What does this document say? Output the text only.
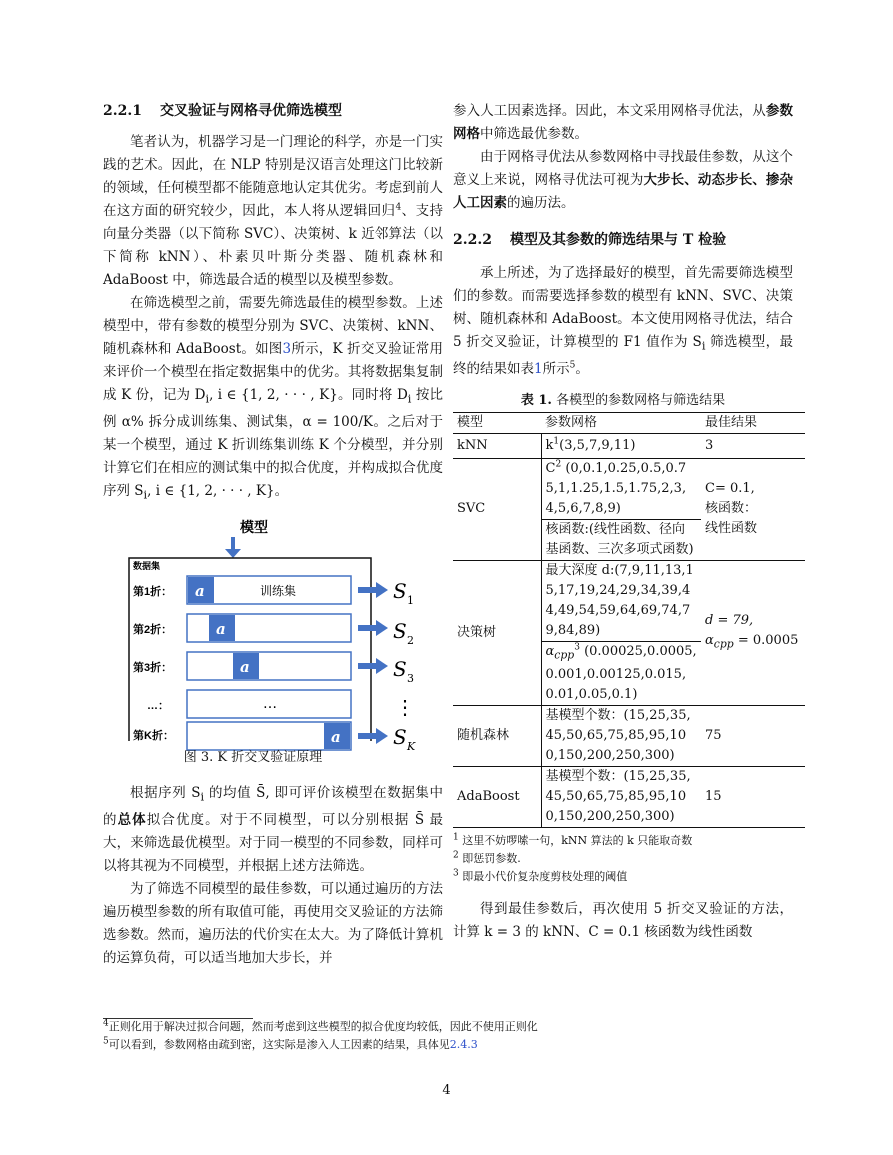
2.2.1 交叉验证与网格寻优筛选模型

笔者认为，机器学习是一门理论的科学，亦是一门实践的艺术。因此，在 NLP 特别是汉语言处理这门比较新的领域，任何模型都不能随意地认定其优劣。考虑到前人在这方面的研究较少，因此，本人将从逻辑回归$^4$、支持向量分类器（以下简称 SVC）、决策树、k 近邻算法（以下简称 kNN）、朴素贝叶斯分类器、随机森林和 AdaBoost 中，筛选最合适的模型以及模型参数。

在筛选模型之前，需要先筛选最佳的模型参数。上述模型中，带有参数的模型分别为 SVC、决策树、kNN、随机森林和 AdaBoost。如图3所示，K 折交叉验证常用来评价一个模型在指定数据集中的优劣。其将数据集复制成 K 份，记为 $D_i$, i ∈ {1, 2, · · · , K}。同时将 $D_i$ 按比例 α% 拆分成训练集、测试集，α = 100/K。之后对于某一个模型，通过 K 折训练集训练 K 个分模型，并分别计算它们在相应的测试集中的拟合优度，并构成拟合优度序列 $S_i$, i ∈ {1, 2, · · · , K}。

模型
数据集
第1折： a	训练集	S 1
第2折：	a	S 2
第3折：	a	S 3
…：	…	⋮
第K折：	a	S K
图 3. K 折交叉验证原理

根据序列 $S_i$ 的均值 S̄, 即可评价该模型在数据集中的总体拟合优度。对于不同模型，可以分别根据 S̄ 最大，来筛选最优模型。对于同一模型的不同参数，同样可以将其视为不同模型，并根据上述方法筛选。

为了筛选不同模型的最佳参数，可以通过遍历的方法遍历模型参数的所有取值可能，再使用交叉验证的方法筛选参数。然而，遍历法的代价实在太大。为了降低计算机的运算负荷，可以适当地加大步长，并

参入人工因素选择。因此，本文采用网格寻优法，从参数网格中筛选最优参数。

由于网格寻优法从参数网格中寻找最佳参数，从这个意义上来说，网格寻优法可视为大步长、动态步长、掺杂人工因素的遍历法。

2.2.2 模型及其参数的筛选结果与 T 检验

承上所述，为了选择最好的模型，首先需要筛选模型们的参数。而需要选择参数的模型有 kNN、SVC、决策树、随机森林和 AdaBoost。本文使用网格寻优法，结合 5 折交叉验证，计算模型的 F1 值作为 $S_i$ 筛选模型，最终的结果如表1所示$^5$。

表 1. 各模型的参数网格与筛选结果
模型	参数网格	最佳结果
kNN	$k^1(3,5,7,9,11)$	3
SVC	$C^2$ (0,0.1,0.25,0.5,0.75,1,1.25,1.5,1.75,2,3,4,5,6,7,8,9)	C= 0.1,
核函数：
线性函数
	核函数:(线性函数、径向基函数、三次多项式函数)	
决策树	最大深度 d:(7,9,11,13,15,17,19,24,29,34,39,44,49,54,59,64,69,74,79,84,89)	d = 79,
$\alpha_{cpp} = 0.0005$
	$\alpha_{cpp}^3$ (0.00025,0.0005,0.001,0.00125,0.015,0.01,0.05,0.1)	
随机森林	基模型个数：(15,25,35,45,50,65,75,85,95,100,150,200,250,300)	75
AdaBoost	基模型个数：(15,25,35,45,50,65,75,85,95,100,150,200,250,300)	15
$^1$ 这里不妨啰嗦一句，kNN 算法的 k 只能取奇数
$^2$ 即惩罚参数.
$^3$ 即最小代价复杂度剪枝处理的阈值

得到最佳参数后，再次使用 5 折交叉验证的方法，计算 k = 3 的 kNN、C = 0.1 核函数为线性函数

$^4$正则化用于解决过拟合问题，然而考虑到这些模型的拟合优度均较低，因此不使用正则化
$^5$可以看到，参数网格由疏到密，这实际是渗入人工因素的结果，具体见2.4.3
4
